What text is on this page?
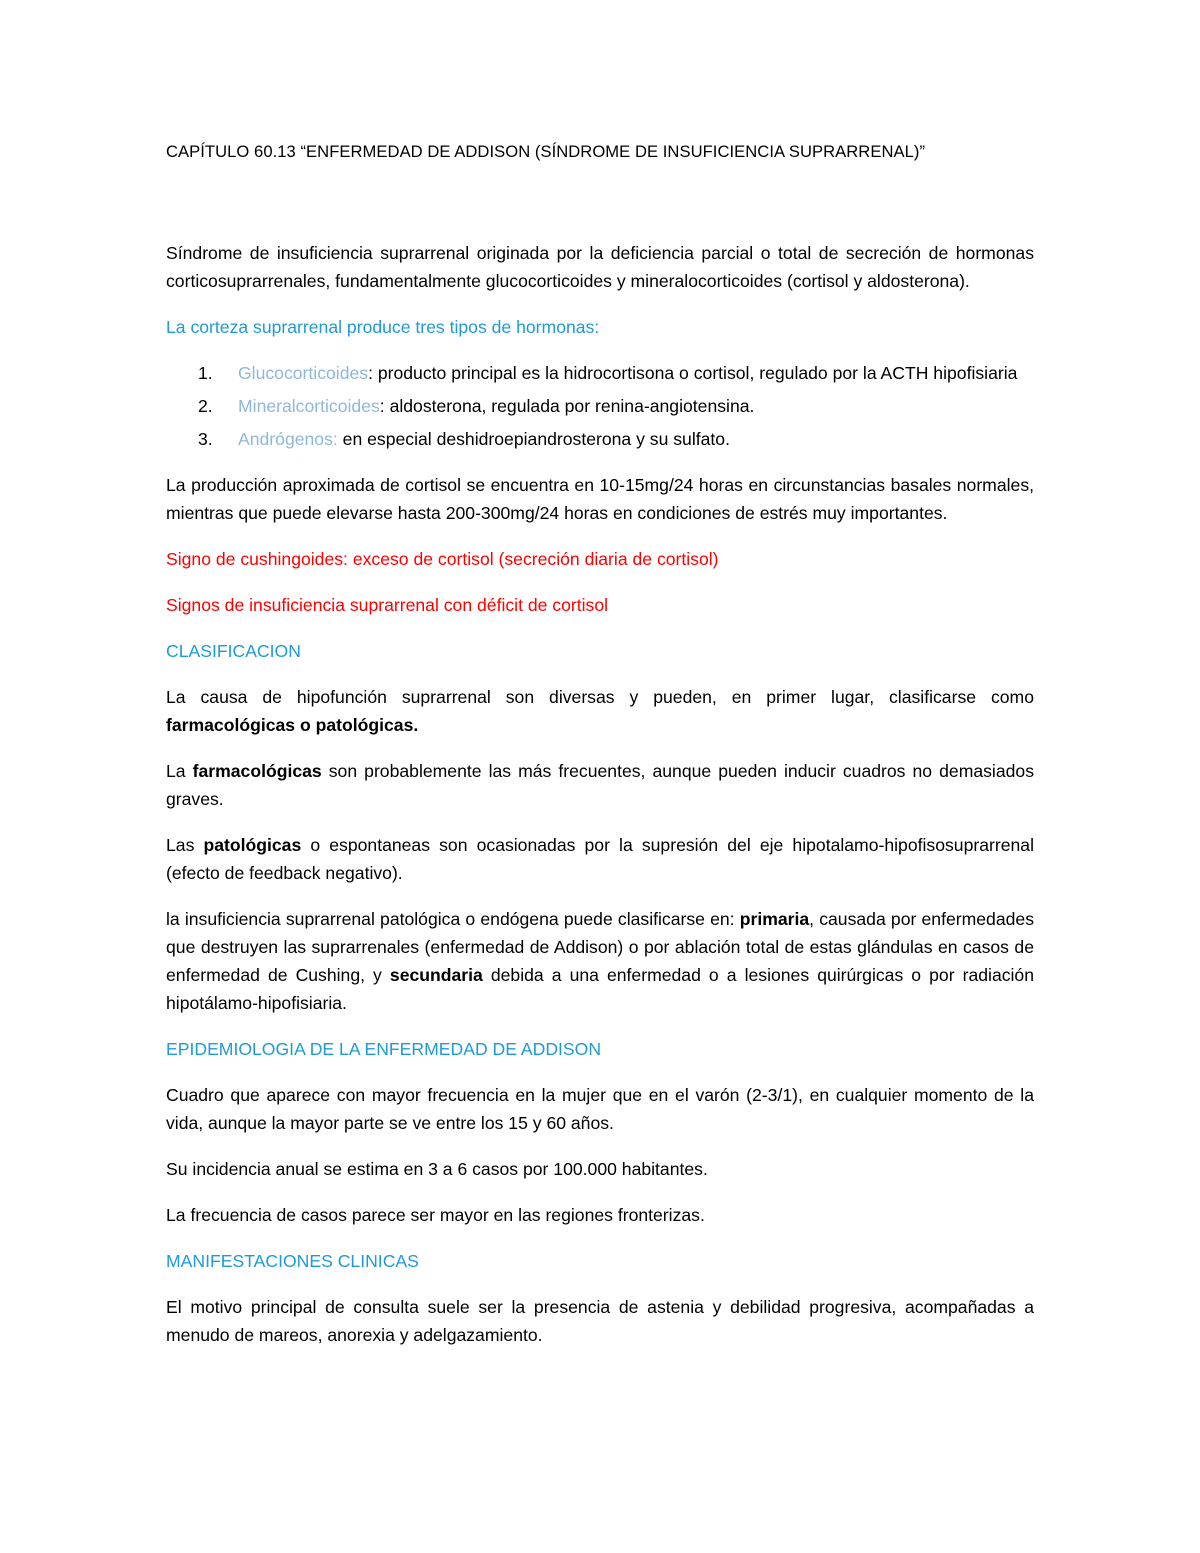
CAPÍTULO 60.13 “ENFERMEDAD DE ADDISON (SÍNDROME DE INSUFICIENCIA SUPRARRENAL)”

Síndrome de insuficiencia suprarrenal originada por la deficiencia parcial o total de secreción de hormonas corticosuprarrenales, fundamentalmente glucocorticoides y mineralocorticoides (cortisol y aldosterona).

La corteza suprarrenal produce tres tipos de hormonas:

1. Glucocorticoides: producto principal es la hidrocortisona o cortisol, regulado por la ACTH hipofisiaria
2. Mineralcorticoides: aldosterona, regulada por renina-angiotensina.
3. Andrógenos: en especial deshidroepiandrosterona y su sulfato.

La producción aproximada de cortisol se encuentra en 10-15mg/24 horas en circunstancias basales normales, mientras que puede elevarse hasta 200-300mg/24 horas en condiciones de estrés muy importantes.

Signo de cushingoides: exceso de cortisol (secreción diaria de cortisol)

Signos de insuficiencia suprarrenal con déficit de cortisol

CLASIFICACION

La causa de hipofunción suprarrenal son diversas y pueden, en primer lugar, clasificarse como farmacológicas o patológicas.

La farmacológicas son probablemente las más frecuentes, aunque pueden inducir cuadros no demasiados graves.

Las patológicas o espontaneas son ocasionadas por la supresión del eje hipotalamo-hipofisosuprarrenal (efecto de feedback negativo).

la insuficiencia suprarrenal patológica o endógena puede clasificarse en: primaria, causada por enfermedades que destruyen las suprarrenales (enfermedad de Addison) o por ablación total de estas glándulas en casos de enfermedad de Cushing, y secundaria debida a una enfermedad o a lesiones quirúrgicas o por radiación hipotálamo-hipofisiaria.

EPIDEMIOLOGIA DE LA ENFERMEDAD DE ADDISON

Cuadro que aparece con mayor frecuencia en la mujer que en el varón (2-3/1), en cualquier momento de la vida, aunque la mayor parte se ve entre los 15 y 60 años.

Su incidencia anual se estima en 3 a 6 casos por 100.000 habitantes.

La frecuencia de casos parece ser mayor en las regiones fronterizas.

MANIFESTACIONES CLINICAS

El motivo principal de consulta suele ser la presencia de astenia y debilidad progresiva, acompañadas a menudo de mareos, anorexia y adelgazamiento.
